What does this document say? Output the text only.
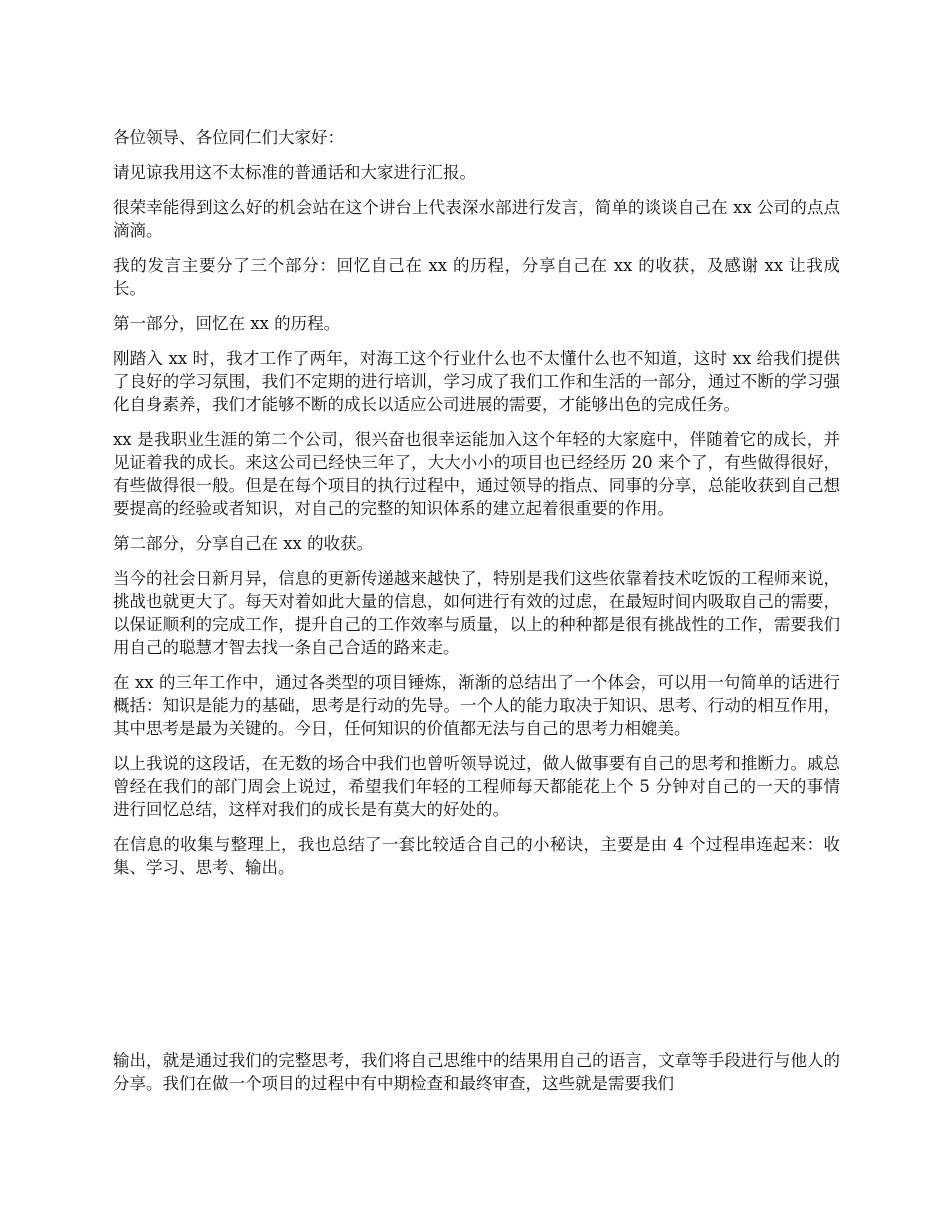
各位领导、各位同仁们大家好：

请见谅我用这不太标准的普通话和大家进行汇报。

很荣幸能得到这么好的机会站在这个讲台上代表深水部进行发言，简单的谈谈自己在 xx 公司的点点滴滴。

我的发言主要分了三个部分：回忆自己在 xx 的历程，分享自己在 xx 的收获，及感谢 xx 让我成长。

第一部分，回忆在 xx 的历程。

刚踏入 xx 时，我才工作了两年，对海工这个行业什么也不太懂什么也不知道，这时 xx 给我们提供了良好的学习氛围，我们不定期的进行培训，学习成了我们工作和生活的一部分，通过不断的学习强化自身素养，我们才能够不断的成长以适应公司进展的需要，才能够出色的完成任务。

xx 是我职业生涯的第二个公司，很兴奋也很幸运能加入这个年轻的大家庭中，伴随着它的成长，并见证着我的成长。来这公司已经快三年了，大大小小的项目也已经经历 20 来个了，有些做得很好，有些做得很一般。但是在每个项目的执行过程中，通过领导的指点、同事的分享，总能收获到自己想要提高的经验或者知识，对自己的完整的知识体系的建立起着很重要的作用。

第二部分，分享自己在 xx 的收获。

当今的社会日新月异，信息的更新传递越来越快了，特别是我们这些依靠着技术吃饭的工程师来说，挑战也就更大了。每天对着如此大量的信息，如何进行有效的过虑，在最短时间内吸取自己的需要，以保证顺利的完成工作，提升自己的工作效率与质量，以上的种种都是很有挑战性的工作，需要我们用自己的聪慧才智去找一条自己合适的路来走。

在 xx 的三年工作中，通过各类型的项目锤炼，渐渐的总结出了一个体会，可以用一句简单的话进行概括：知识是能力的基础，思考是行动的先导。一个人的能力取决于知识、思考、行动的相互作用，其中思考是最为关键的。今日，任何知识的价值都无法与自己的思考力相媲美。

以上我说的这段话，在无数的场合中我们也曾听领导说过，做人做事要有自己的思考和推断力。戚总曾经在我们的部门周会上说过，希望我们年轻的工程师每天都能花上个 5 分钟对自己的一天的事情进行回忆总结，这样对我们的成长是有莫大的好处的。

在信息的收集与整理上，我也总结了一套比较适合自己的小秘诀，主要是由 4 个过程串连起来：收集、学习、思考、输出。

输出，就是通过我们的完整思考，我们将自己思维中的结果用自己的语言，文章等手段进行与他人的分享。我们在做一个项目的过程中有中期检查和最终审查，这些就是需要我们
